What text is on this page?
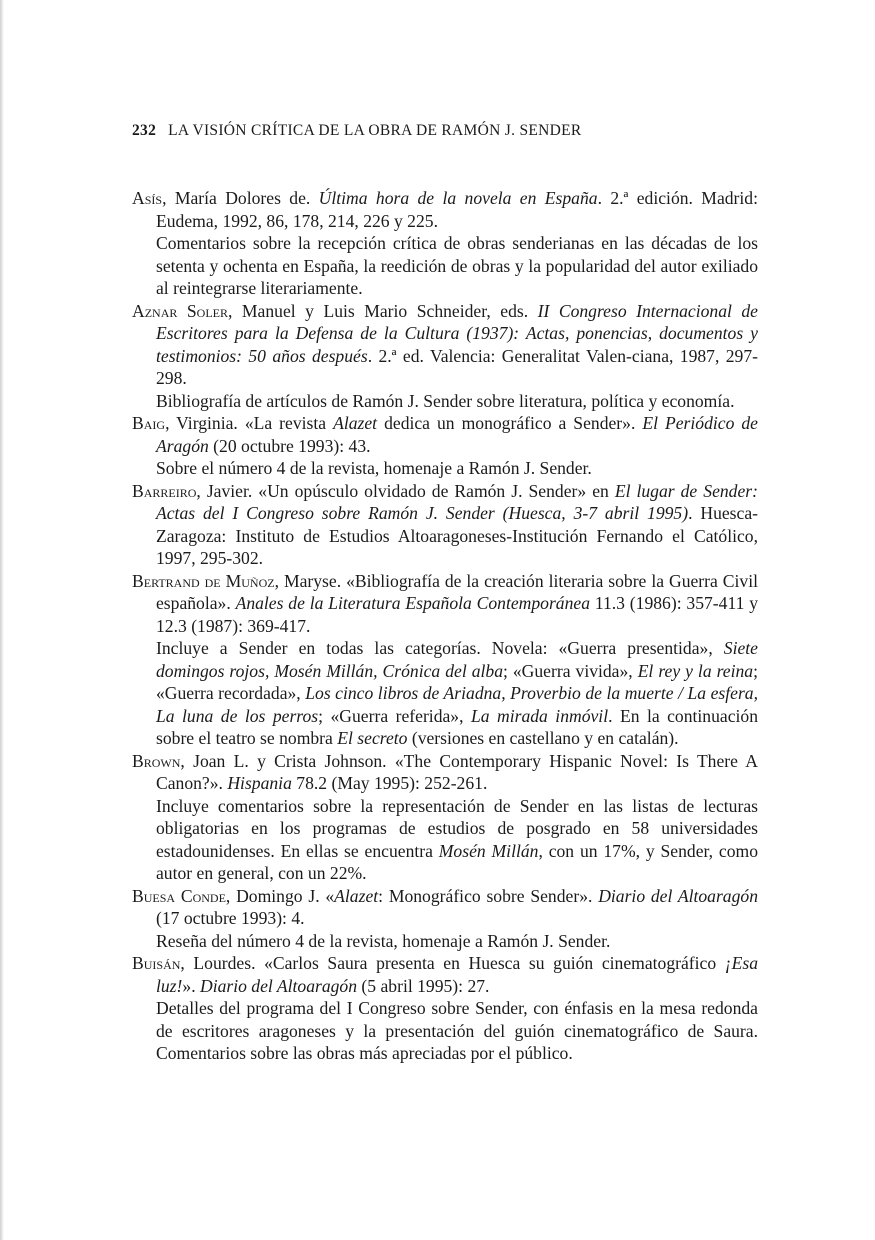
232 LA VISIÓN CRÍTICA DE LA OBRA DE RAMÓN J. SENDER

Asís, María Dolores de. Última hora de la novela en España. 2.ª edición. Madrid: Eudema, 1992, 86, 178, 214, 226 y 225.

Comentarios sobre la recepción crítica de obras senderianas en las décadas de los setenta y ochenta en España, la reedición de obras y la popularidad del autor exiliado al reintegrarse literariamente.

Aznar Soler, Manuel y Luis Mario Schneider, eds. II Congreso Internacional de Escritores para la Defensa de la Cultura (1937): Actas, ponencias, documentos y testimonios: 50 años después. 2.ª ed. Valencia: Generalitat Valen-ciana, 1987, 297-298.

Bibliografía de artículos de Ramón J. Sender sobre literatura, política y economía.

Baig, Virginia. «La revista Alazet dedica un monográfico a Sender». El Periódico de Aragón (20 octubre 1993): 43.

Sobre el número 4 de la revista, homenaje a Ramón J. Sender.

Barreiro, Javier. «Un opúsculo olvidado de Ramón J. Sender» en El lugar de Sender: Actas del I Congreso sobre Ramón J. Sender (Huesca, 3-7 abril 1995). Huesca-Zaragoza: Instituto de Estudios Altoaragoneses-Institución Fernando el Católico, 1997, 295-302.

Bertrand de Muñoz, Maryse. «Bibliografía de la creación literaria sobre la Guerra Civil española». Anales de la Literatura Española Contemporánea 11.3 (1986): 357-411 y 12.3 (1987): 369-417.

Incluye a Sender en todas las categorías. Novela: «Guerra presentida», Siete domingos rojos, Mosén Millán, Crónica del alba; «Guerra vivida», El rey y la reina; «Guerra recordada», Los cinco libros de Ariadna, Proverbio de la muerte / La esfera, La luna de los perros; «Guerra referida», La mirada inmóvil. En la continuación sobre el teatro se nombra El secreto (versiones en castellano y en catalán).

Brown, Joan L. y Crista Johnson. «The Contemporary Hispanic Novel: Is There A Canon?». Hispania 78.2 (May 1995): 252-261.

Incluye comentarios sobre la representación de Sender en las listas de lecturas obligatorias en los programas de estudios de posgrado en 58 universidades estadounidenses. En ellas se encuentra Mosén Millán, con un 17%, y Sender, como autor en general, con un 22%.

Buesa Conde, Domingo J. «Alazet: Monográfico sobre Sender». Diario del Altoaragón (17 octubre 1993): 4.

Reseña del número 4 de la revista, homenaje a Ramón J. Sender.

Buisán, Lourdes. «Carlos Saura presenta en Huesca su guión cinematográfico ¡Esa luz!». Diario del Altoaragón (5 abril 1995): 27.

Detalles del programa del I Congreso sobre Sender, con énfasis en la mesa redonda de escritores aragoneses y la presentación del guión cinematográfico de Saura. Comentarios sobre las obras más apreciadas por el público.
